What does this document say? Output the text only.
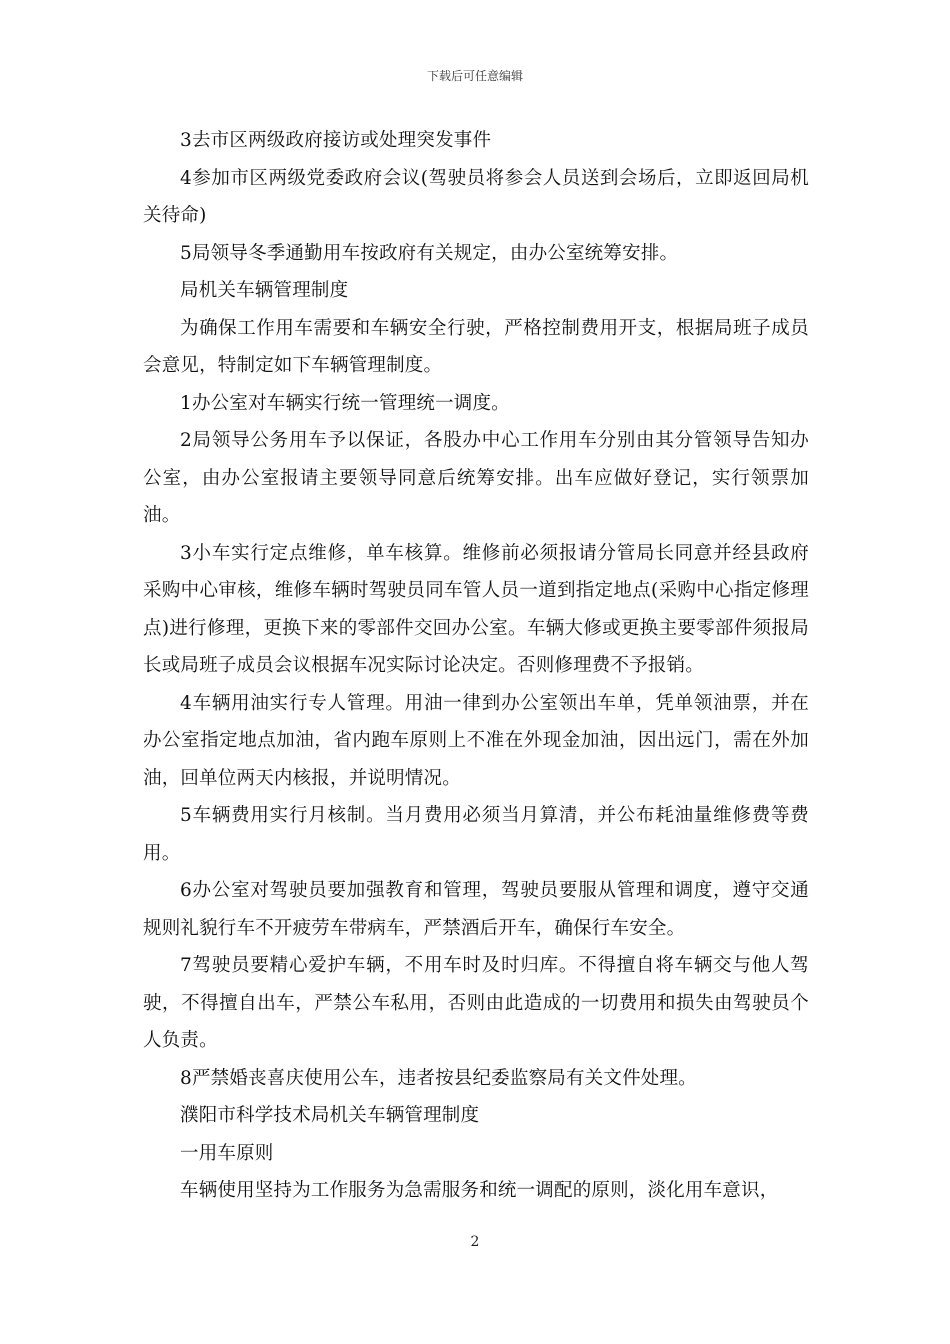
下载后可任意编辑

3去市区两级政府接访或处理突发事件

4参加市区两级党委政府会议(驾驶员将参会人员送到会场后，立即返回局机关待命)

5局领导冬季通勤用车按政府有关规定，由办公室统筹安排。

局机关车辆管理制度

为确保工作用车需要和车辆安全行驶，严格控制费用开支，根据局班子成员会意见，特制定如下车辆管理制度。

1办公室对车辆实行统一管理统一调度。

2局领导公务用车予以保证，各股办中心工作用车分别由其分管领导告知办公室，由办公室报请主要领导同意后统筹安排。出车应做好登记，实行领票加油。

3小车实行定点维修，单车核算。维修前必须报请分管局长同意并经县政府采购中心审核，维修车辆时驾驶员同车管人员一道到指定地点(采购中心指定修理点)进行修理，更换下来的零部件交回办公室。车辆大修或更换主要零部件须报局长或局班子成员会议根据车况实际讨论决定。否则修理费不予报销。

4车辆用油实行专人管理。用油一律到办公室领出车单，凭单领油票，并在办公室指定地点加油，省内跑车原则上不准在外现金加油，因出远门，需在外加油，回单位两天内核报，并说明情况。

5车辆费用实行月核制。当月费用必须当月算清，并公布耗油量维修费等费用。

6办公室对驾驶员要加强教育和管理，驾驶员要服从管理和调度，遵守交通规则礼貌行车不开疲劳车带病车，严禁酒后开车，确保行车安全。

7驾驶员要精心爱护车辆，不用车时及时归库。不得擅自将车辆交与他人驾驶，不得擅自出车，严禁公车私用，否则由此造成的一切费用和损失由驾驶员个人负责。

8严禁婚丧喜庆使用公车，违者按县纪委监察局有关文件处理。

濮阳市科学技术局机关车辆管理制度

一用车原则

车辆使用坚持为工作服务为急需服务和统一调配的原则，淡化用车意识，

2
